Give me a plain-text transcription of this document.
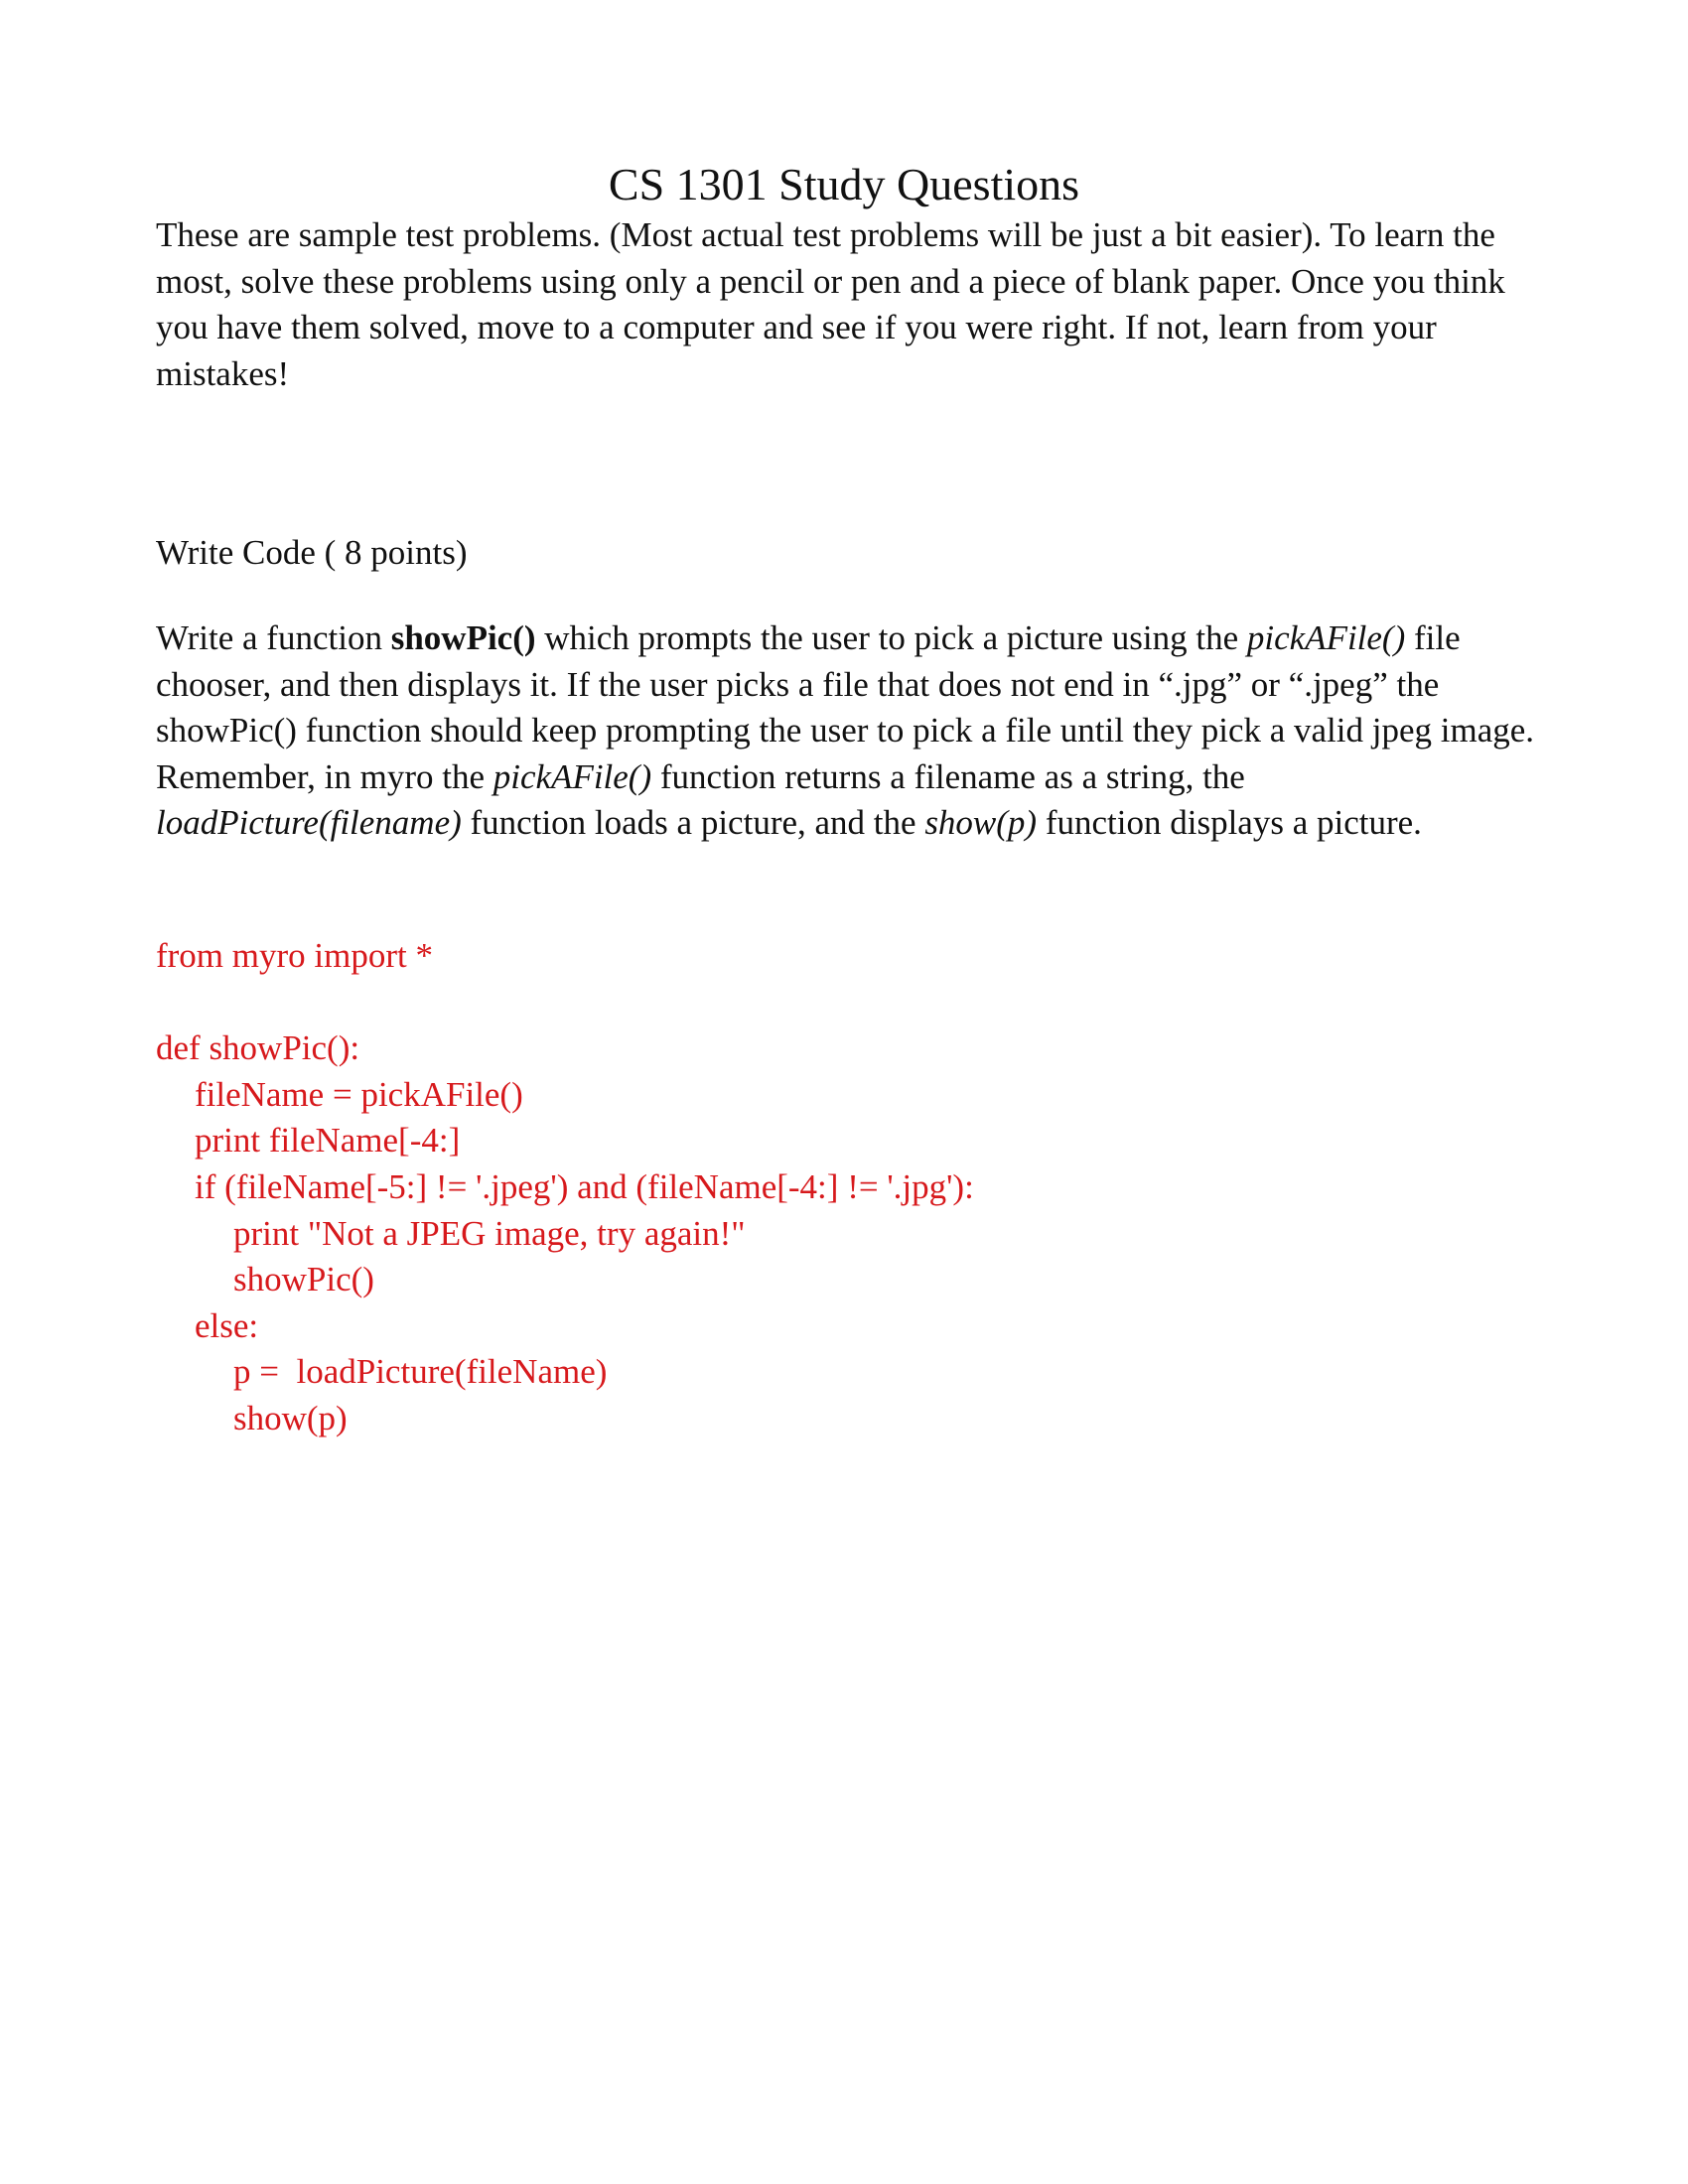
CS 1301 Study Questions
These are sample test problems. (Most actual test problems will be just a bit easier). To learn the most, solve these problems using only a pencil or pen and a piece of blank paper. Once you think you have them solved, move to a computer and see if you were right. If not, learn from your mistakes!
Write Code ( 8 points)
Write a function showPic() which prompts the user to pick a picture using the pickAFile() file chooser, and then displays it. If the user picks a file that does not end in “.jpg” or “.jpeg” the showPic() function should keep prompting the user to pick a file until they pick a valid jpeg image. Remember, in myro the pickAFile() function returns a filename as a string, the loadPicture(filename) function loads a picture, and the show(p) function displays a picture.
from myro import *
def showPic():
fileName = pickAFile()
print fileName[-4:]
if (fileName[-5:] != '.jpeg') and (fileName[-4:] != '.jpg'):
print "Not a JPEG image, try again!"
showPic()
else:
p =  loadPicture(fileName)
show(p)
